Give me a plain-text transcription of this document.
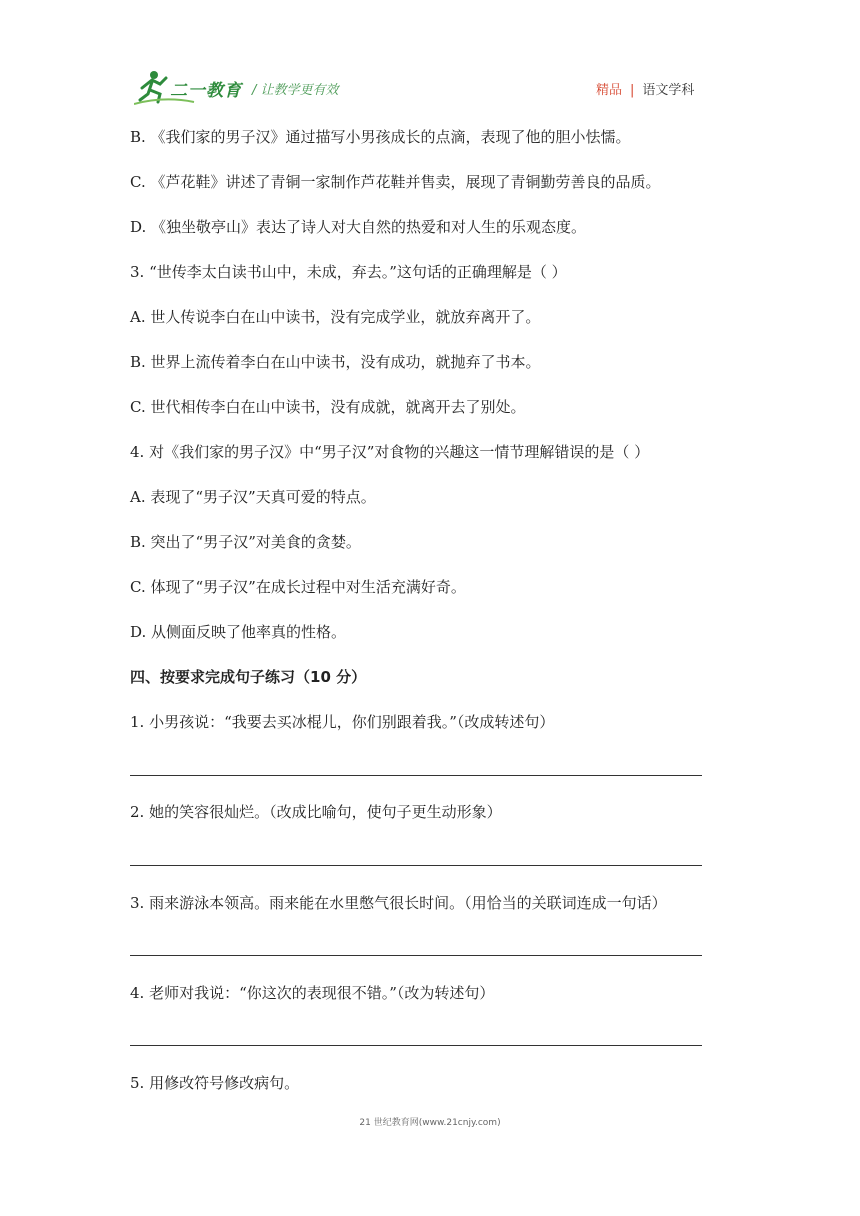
二一教育 / 让教学更有效	精品 | 语文学科
B. 《我们家的男子汉》通过描写小男孩成长的点滴，表现了他的胆小怯懦。
C. 《芦花鞋》讲述了青铜一家制作芦花鞋并售卖，展现了青铜勤劳善良的品质。
D. 《独坐敬亭山》表达了诗人对大自然的热爱和对人生的乐观态度。
3. “世传李太白读书山中，未成，弃去。”这句话的正确理解是（ ）
A. 世人传说李白在山中读书，没有完成学业，就放弃离开了。
B. 世界上流传着李白在山中读书，没有成功，就抛弃了书本。
C. 世代相传李白在山中读书，没有成就，就离开去了别处。
4. 对《我们家的男子汉》中“男子汉”对食物的兴趣这一情节理解错误的是（ ）
A. 表现了“男子汉”天真可爱的特点。
B. 突出了“男子汉”对美食的贪婪。
C. 体现了“男子汉”在成长过程中对生活充满好奇。
D. 从侧面反映了他率真的性格。
四、按要求完成句子练习（10 分）
1. 小男孩说：“我要去买冰棍儿，你们别跟着我。”（改成转述句）
2. 她的笑容很灿烂。（改成比喻句，使句子更生动形象）
3. 雨来游泳本领高。雨来能在水里憋气很长时间。（用恰当的关联词连成一句话）
4. 老师对我说：“你这次的表现很不错。”（改为转述句）
5. 用修改符号修改病句。
21 世纪教育网(www.21cnjy.com)
